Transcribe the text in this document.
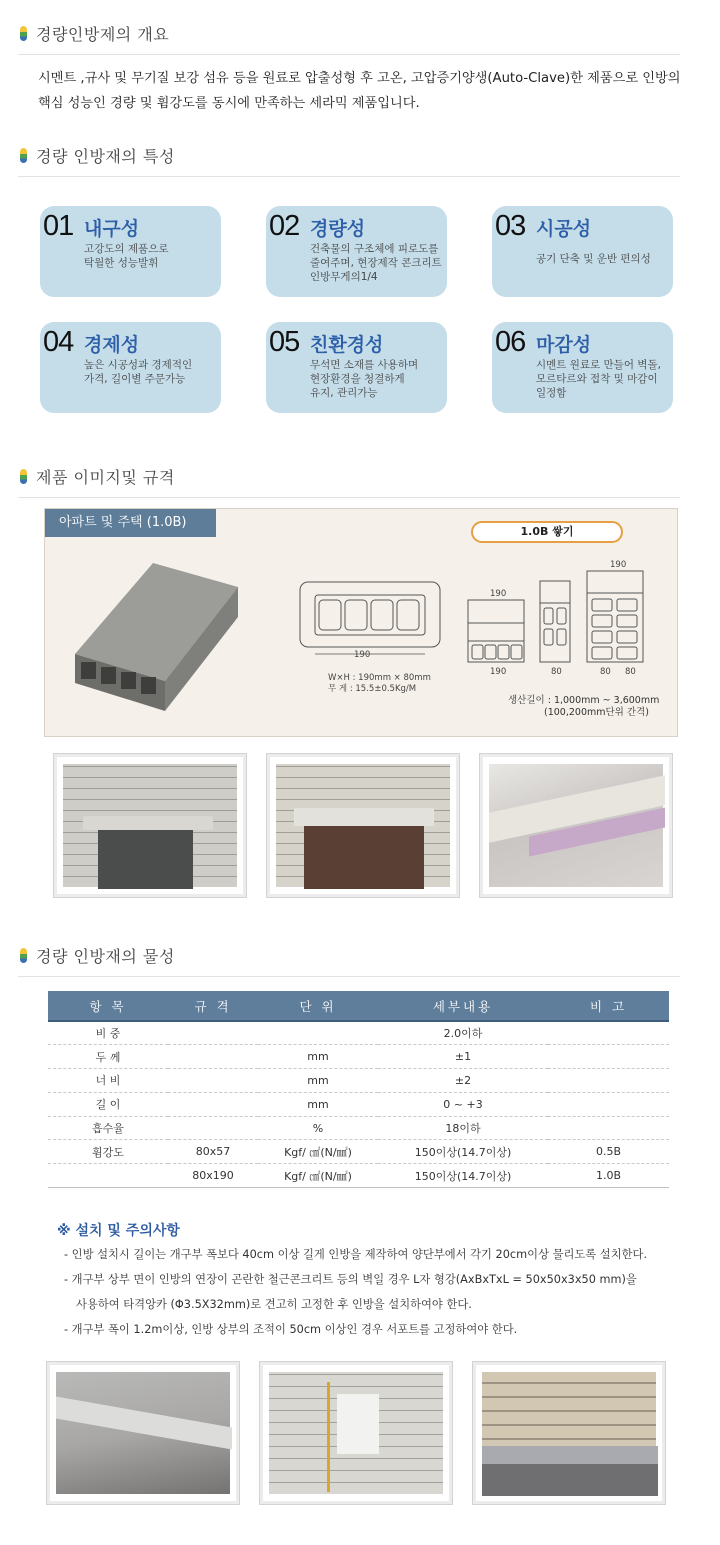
경량인방제의 개요
시멘트 ,규사 및 무기질 보강 섬유 등을 원료로 압출성형 후 고온, 고압증기양생(Auto-Clave)한 제품으로 인방의
핵심 성능인 경량 및 휨강도를 동시에 만족하는 세라믹 제품입니다.
경량 인방재의 특성
01 내구성
고강도의 제품으로
탁월한 성능발휘
02 경량성
건축물의 구조체에 피로도를
줄여주며, 현장제작 콘크리트
인방무게의1/4
03 시공성
공기 단축 및 운반 편의성
04 경제성
높은 시공성과 경제적인
가격, 길이별 주문가능
05 친환경성
무석면 소재를 사용하며
현장환경을 청결하게
유지, 관리가능
06 마감성
시멘트 원료로 만들어 벽돌,
모르타르와 접착 및 마감이
일정함
제품 이미지및 규격
아파트 및 주택 (1.0B)
1.0B 쌓기
190
W×H : 190mm × 80mm
무 게 : 15.5±0.5Kg/M
190
190
190	80	80 80
생산길이 : 1,000mm ~ 3,600mm
(100,200mm단위 간격)
경량 인방재의 물성
항 목	규 격	단 위	세부내용	비 고
비 중			2.0이하	
두 께		mm	±1	
너 비		mm	±2	
길 이		mm	0 ~ +3	
흡수율		%	18이하	
휨강도	80x57	Kgf/ ㎠(N/㎟)	150이상(14.7이상)	0.5B
	80x190	Kgf/ ㎠(N/㎟)	150이상(14.7이상)	1.0B
※ 설치 및 주의사항
- 인방 설치시 길이는 개구부 폭보다 40cm 이상 길게 인방을 제작하여 양단부에서 각기 20cm이상 물리도록 설치한다.
- 개구부 상부 면이 인방의 연장이 곤란한 철근콘크리트 등의 벽일 경우 L자 형강(AxBxTxL = 50x50x3x50 mm)을
사용하여 타격앙카 (Φ3.5X32mm)로 견고히 고정한 후 인방을 설치하여야 한다.
- 개구부 폭이 1.2m이상, 인방 상부의 조적이 50cm 이상인 경우 서포트를 고정하여야 한다.
